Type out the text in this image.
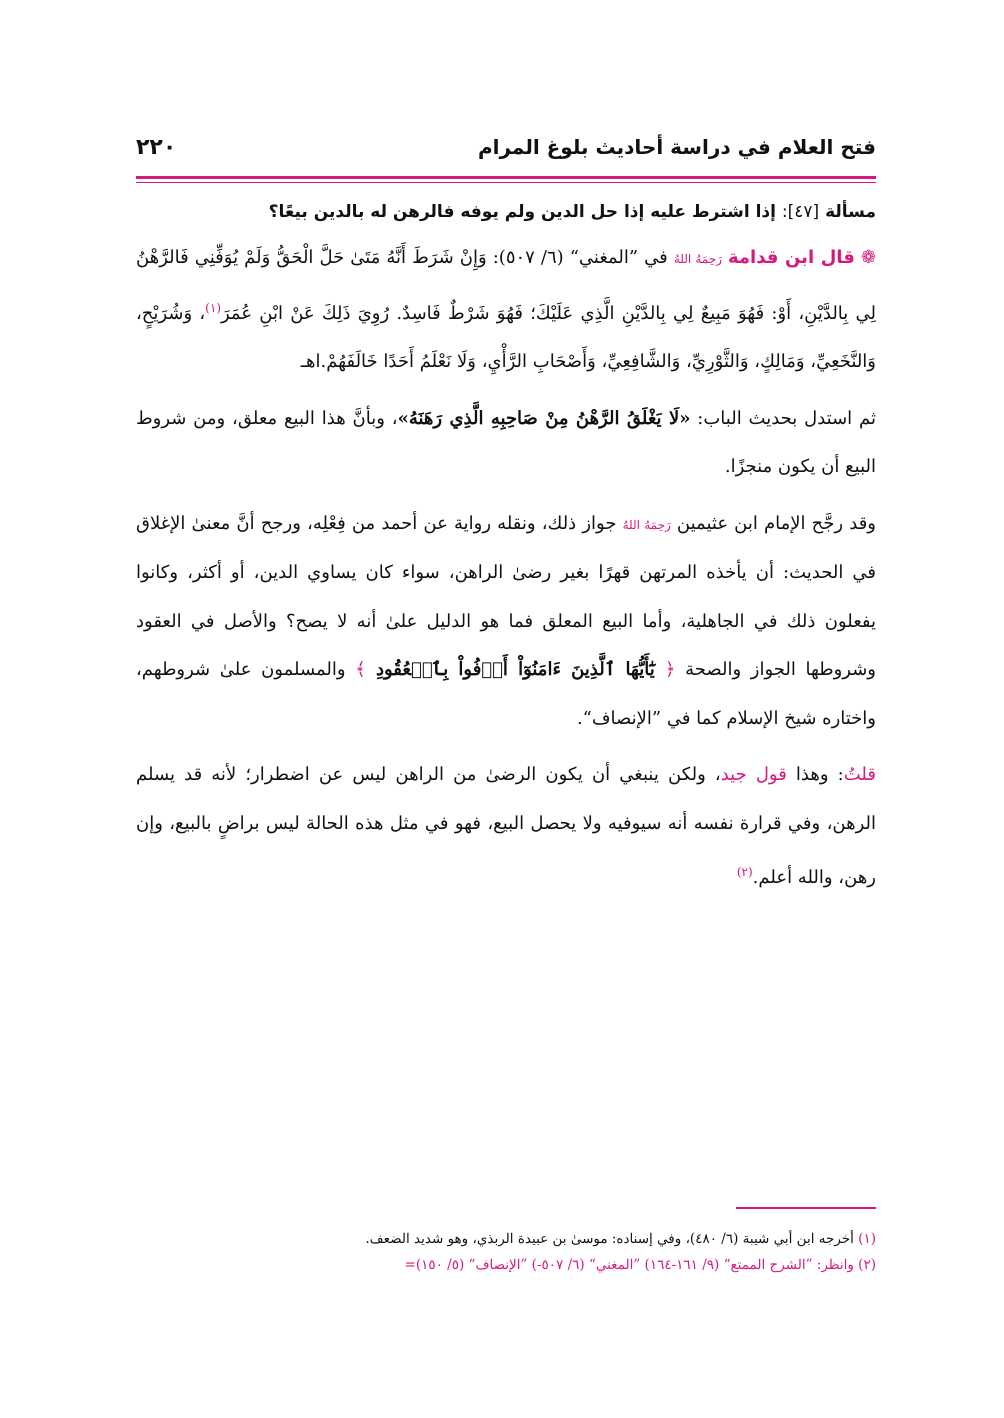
فتح العلام في دراسة أحاديث بلوغ المرام
٢٢٠

مسألة [٤٧]: إذا اشترط عليه إذا حل الدين ولم يوفه فالرهن له بالدين بيعًا؟

❁ قال ابن قدامة رَحِمَهُ اللهُ في ”المغني“ (٦/ ٥٠٧): وَإِنْ شَرَطَ أَنَّهُ مَتَىٰ حَلَّ الْحَقُّ وَلَمْ يُوَفِّنِي فَالرَّهْنُ لِي بِالدَّيْنِ، أَوْ: فَهُوَ مَبِيعٌ لِي بِالدَّيْنِ الَّذِي عَلَيْكَ؛ فَهُوَ شَرْطٌ فَاسِدٌ. رُوِيَ ذَلِكَ عَنْ ابْنِ عُمَرَ$^{(١)}$، وَشُرَيْحٍ، وَالنَّخَعِيِّ، وَمَالِكٍ، وَالثَّوْرِيِّ، وَالشَّافِعِيِّ، وَأَصْحَابِ الرَّأْيِ، وَلَا نَعْلَمُ أَحَدًا خَالَفَهُمْ.اهـ

ثم استدل بحديث الباب: «لَا يَغْلَقُ الرَّهْنُ مِنْ صَاحِبِهِ الَّذِي رَهَنَهُ»، وبأنَّ هذا البيع معلق، ومن شروط البيع أن يكون منجزًا.

وقد رجَّح الإمام ابن عثيمين رَحِمَهُ اللهُ جواز ذلك، ونقله رواية عن أحمد من فِعْلِه، ورجح أنَّ معنىٰ الإغلاق في الحديث: أن يأخذه المرتهن قهرًا بغير رضىٰ الراهن، سواء كان يساوي الدين، أو أكثر، وكانوا يفعلون ذلك في الجاهلية، وأما البيع المعلق فما هو الدليل علىٰ أنه لا يصح؟ والأصل في العقود وشروطها الجواز والصحة ﴿ يَٰٓأَيُّهَا ٱلَّذِينَ ءَامَنُوٓاْ أَوۡفُواْ بِٱلۡعُقُودِ ﴾ والمسلمون علىٰ شروطهم، واختاره شيخ الإسلام كما في ”الإنصاف“.

قلتُ: وهذا قول جيد، ولكن ينبغي أن يكون الرضىٰ من الراهن ليس عن اضطرار؛ لأنه قد يسلم الرهن، وفي قرارة نفسه أنه سيوفيه ولا يحصل البيع، فهو في مثل هذه الحالة ليس براضٍ بالبيع، وإن رهن، والله أعلم.$^{(٢)}$

(١) أخرجه ابن أبي شيبة (٦/ ٤٨٠)، وفي إسناده: موسىٰ بن عبيدة الربذي، وهو شديد الضعف.
(٢) وانظر: ”الشرح الممتع“ (٩/ ١٦١-١٦٤) ”المغني“ (٦/ ٥٠٧-) ”الإنصاف“ (٥/ ١٥٠)=
